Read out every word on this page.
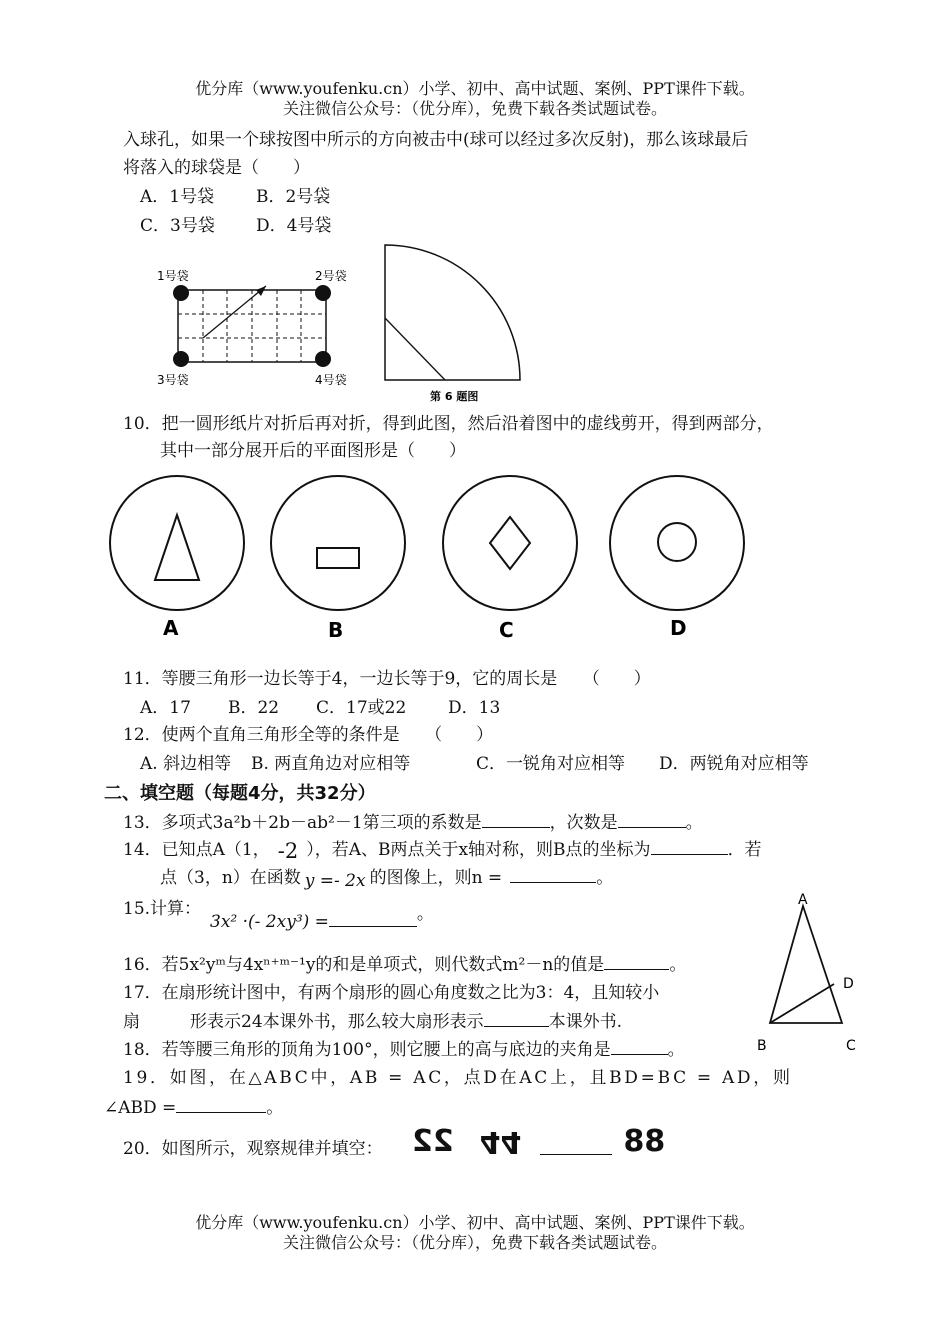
优分库（www.youfenku.cn）小学、初中、高中试题、案例、PPT课件下载。
关注微信公众号：（优分库），免费下载各类试题试卷。
入球孔，如果一个球按图中所示的方向被击中(球可以经过多次反射)，那么该球最后
将落入的球袋是（　　）
A．1号袋 B．2号袋
C．3号袋 D．4号袋
1号袋	2号袋
3号袋	4号袋
第 6 题图
10．把一圆形纸片对折后再对折，得到此图，然后沿着图中的虚线剪开，得到两部分，
其中一部分展开后的平面图形是（　　）
A	B	C	D
11．等腰三角形一边长等于4，一边长等于9，它的周长是　　（　　）
A．17 B．22 C．17或22 D．13
12．使两个直角三角形全等的条件是　　（　　）
A. 斜边相等 B. 两直角边对应相等	C．一锐角对应相等 D．两锐角对应相等
二、填空题（每题4分，共32分）
13．多项式3a²b＋2b－ab²－1第三项的系数是	，次数是	。
14．已知点A（1， -2 ），若A、B两点关于x轴对称，则B点的坐标为	．若
点（3，n）在函数 y =- 2x 的图像上，则n =	。
15.计算：
3x² ·(- 2xy³) =	。
16．若5x²yᵐ与4xⁿ⁺ᵐ⁻¹y的和是单项式，则代数式m²－n的值是	。
17．在扇形统计图中，有两个扇形的圆心角度数之比为3：4，且知较小
扇	形表示24本课外书，那么较大扇形表示	本课外书.
18．若等腰三角形的顶角为100°，则它腰上的高与底边的夹角是	。
19．如图，在△ABC中，AB = AC，点D在AC上，且BD=BC = AD，则
∠ABD =	。
A
B	C
D
20．如图所示，观察规律并填空： 22 44	88
优分库（www.youfenku.cn）小学、初中、高中试题、案例、PPT课件下载。
关注微信公众号：（优分库），免费下载各类试题试卷。
